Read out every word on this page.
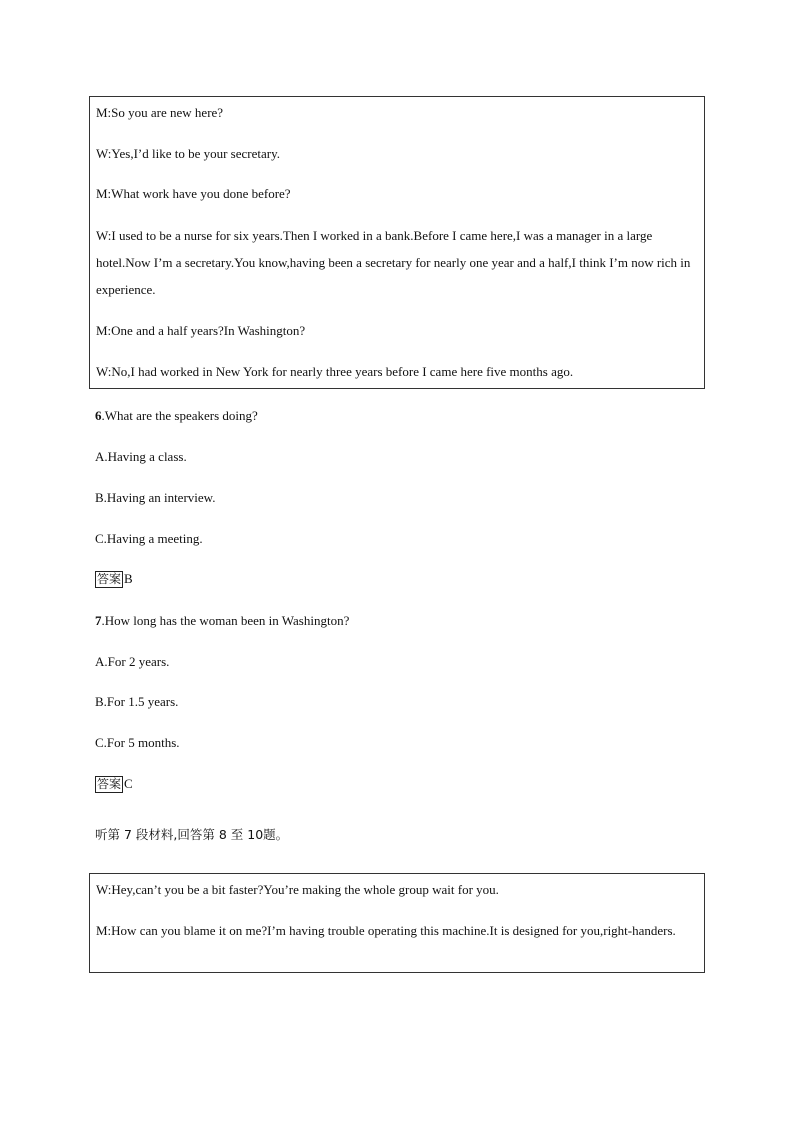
M:So you are new here?
W:Yes,I’d like to be your secretary.
M:What work have you done before?
W:I used to be a nurse for six years.Then I worked in a bank.Before I came here,I was a manager in a large hotel.Now I’m a secretary.You know,having been a secretary for nearly one year and a half,I think I’m now rich in experience.
M:One and a half years?In Washington?
W:No,I had worked in New York for nearly three years before I came here five months ago.
6.What are the speakers doing?
A.Having a class.
B.Having an interview.
C.Having a meeting.
答案 B
7.How long has the woman been in Washington?
A.For 2 years.
B.For 1.5 years.
C.For 5 months.
答案 C
听第 7 段材料,回答第 8 至 10题。
W:Hey,can’t you be a bit faster?You’re making the whole group wait for you.
M:How can you blame it on me?I’m having trouble operating this machine.It is designed for you,right-handers.
